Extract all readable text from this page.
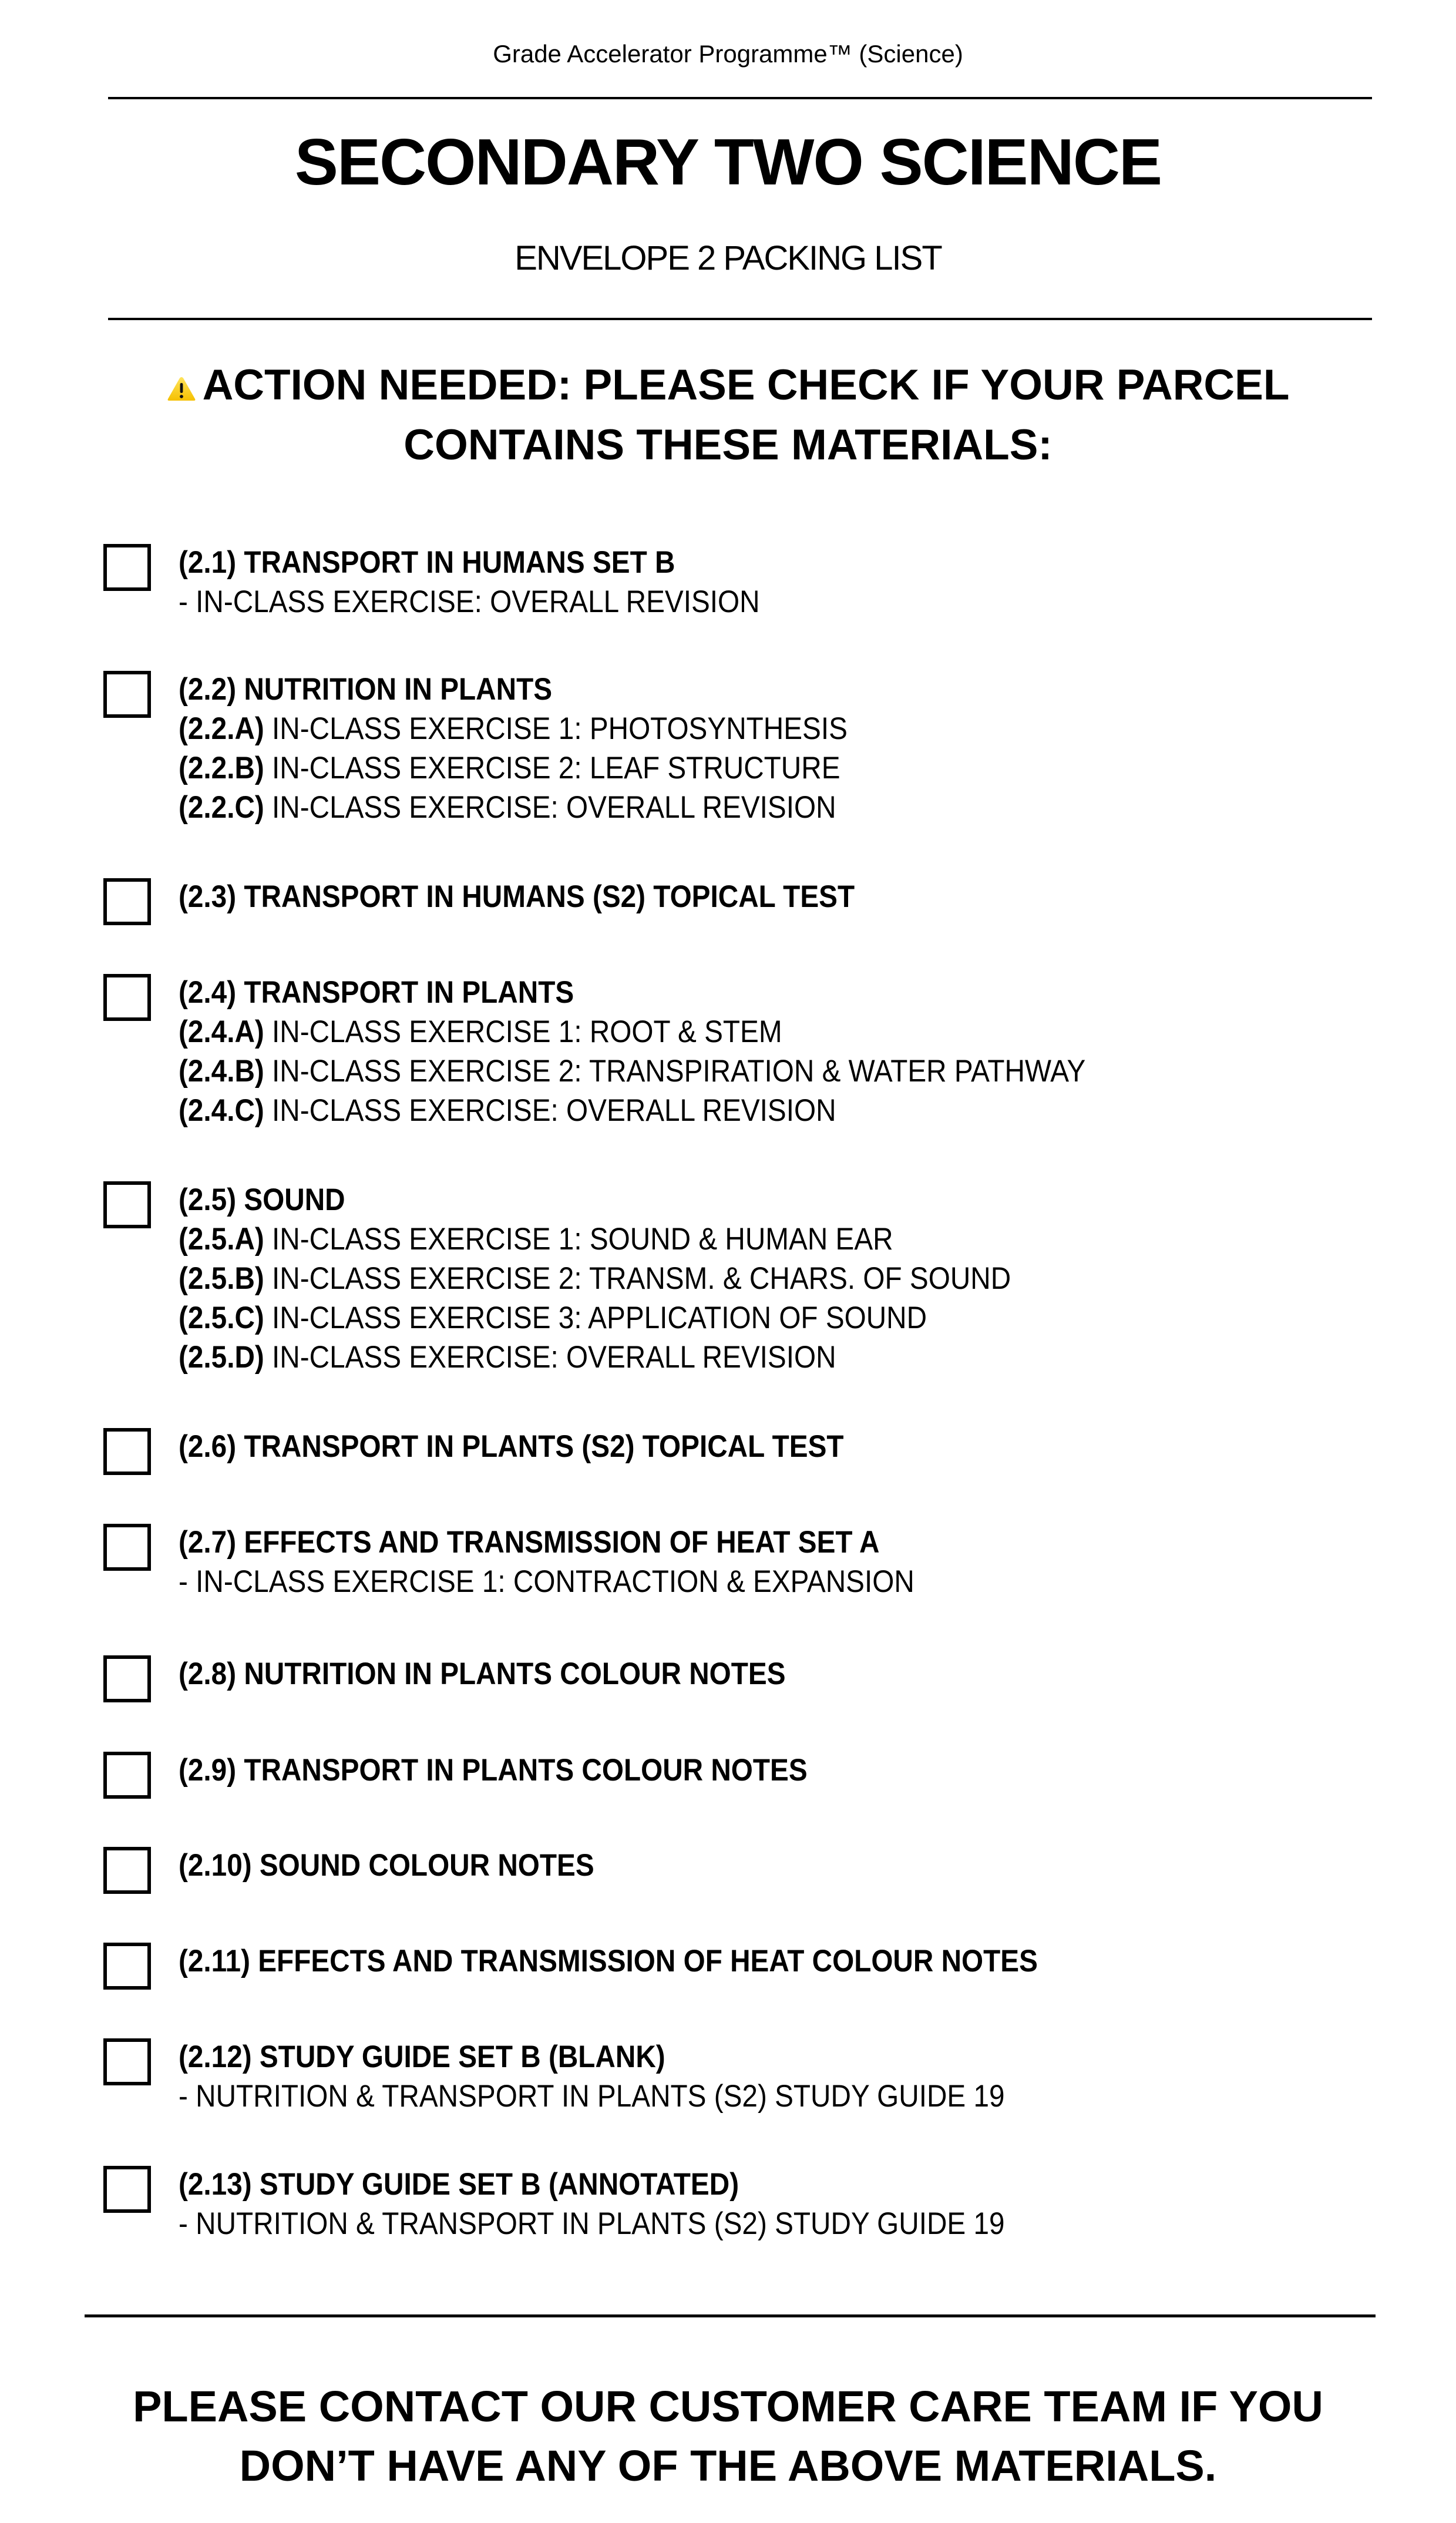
Grade Accelerator Programme™ (Science)
SECONDARY TWO SCIENCE
ENVELOPE 2 PACKING LIST
ACTION NEEDED: PLEASE CHECK IF YOUR PARCEL
CONTAINS THESE MATERIALS:
(2.1) TRANSPORT IN HUMANS SET B
- IN-CLASS EXERCISE: OVERALL REVISION
(2.2) NUTRITION IN PLANTS
(2.2.A) IN-CLASS EXERCISE 1: PHOTOSYNTHESIS
(2.2.B) IN-CLASS EXERCISE 2: LEAF STRUCTURE
(2.2.C) IN-CLASS EXERCISE: OVERALL REVISION
(2.3) TRANSPORT IN HUMANS (S2) TOPICAL TEST
(2.4) TRANSPORT IN PLANTS
(2.4.A) IN-CLASS EXERCISE 1: ROOT & STEM
(2.4.B) IN-CLASS EXERCISE 2: TRANSPIRATION & WATER PATHWAY
(2.4.C) IN-CLASS EXERCISE: OVERALL REVISION
(2.5) SOUND
(2.5.A) IN-CLASS EXERCISE 1: SOUND & HUMAN EAR
(2.5.B) IN-CLASS EXERCISE 2: TRANSM. & CHARS. OF SOUND
(2.5.C) IN-CLASS EXERCISE 3: APPLICATION OF SOUND
(2.5.D) IN-CLASS EXERCISE: OVERALL REVISION
(2.6) TRANSPORT IN PLANTS (S2) TOPICAL TEST
(2.7) EFFECTS AND TRANSMISSION OF HEAT SET A
- IN-CLASS EXERCISE 1: CONTRACTION & EXPANSION
(2.8) NUTRITION IN PLANTS COLOUR NOTES
(2.9) TRANSPORT IN PLANTS COLOUR NOTES
(2.10) SOUND COLOUR NOTES
(2.11) EFFECTS AND TRANSMISSION OF HEAT COLOUR NOTES
(2.12) STUDY GUIDE SET B (BLANK)
- NUTRITION & TRANSPORT IN PLANTS (S2) STUDY GUIDE 19
(2.13) STUDY GUIDE SET B (ANNOTATED)
- NUTRITION & TRANSPORT IN PLANTS (S2) STUDY GUIDE 19
PLEASE CONTACT OUR CUSTOMER CARE TEAM IF YOU
DON’T HAVE ANY OF THE ABOVE MATERIALS.
